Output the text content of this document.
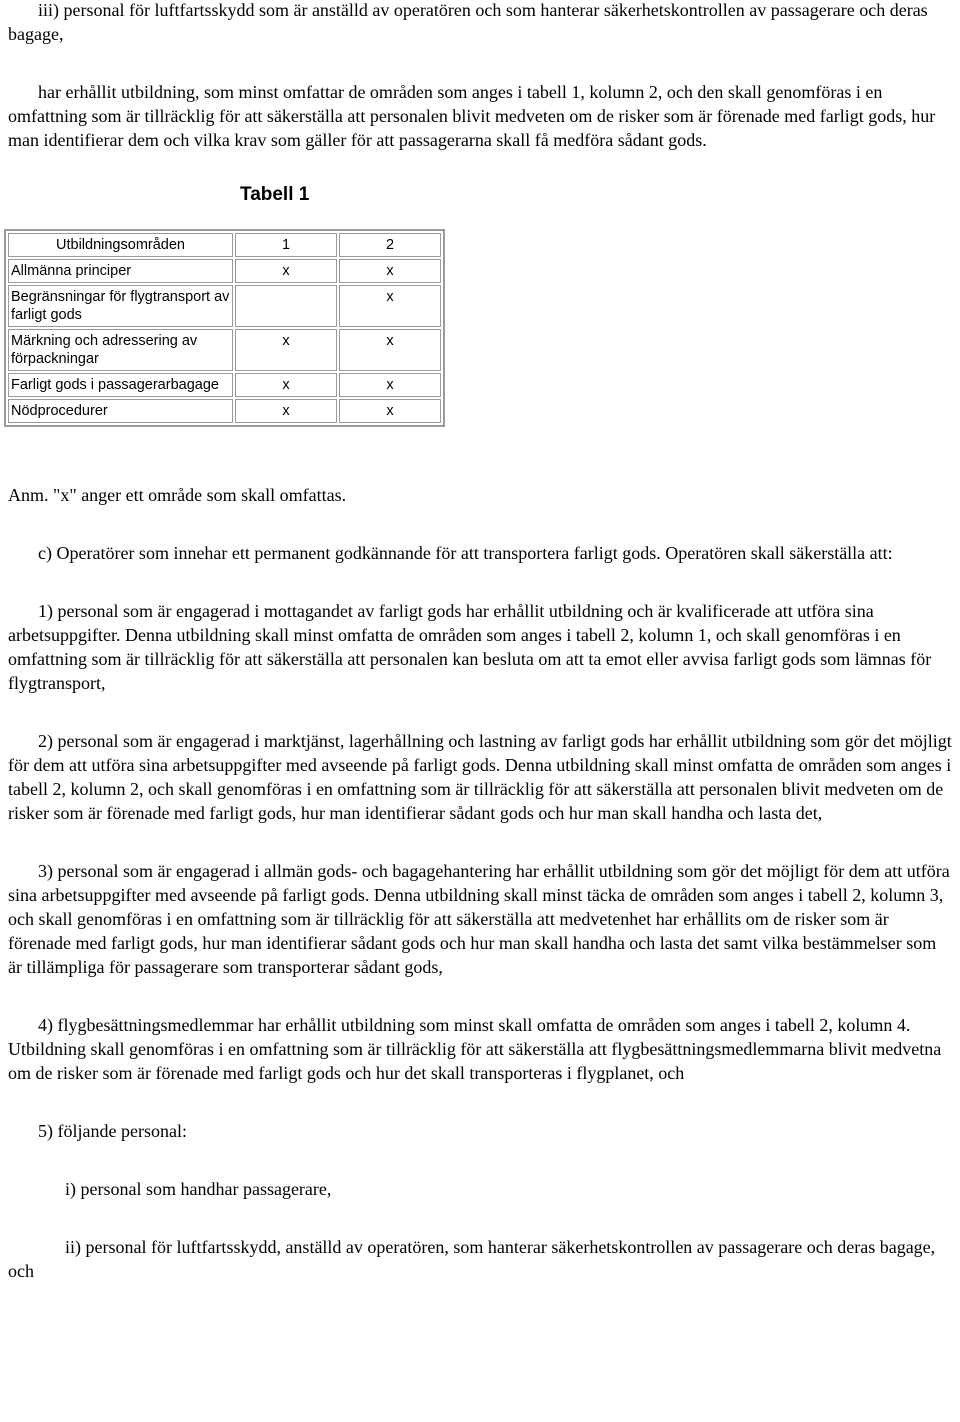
iii) personal för luftfartsskydd som är anställd av operatören och som hanterar säkerhetskontrollen av passagerare och deras bagage,

har erhållit utbildning, som minst omfattar de områden som anges i tabell 1, kolumn 2, och den skall genomföras i en omfattning som är tillräcklig för att säkerställa att personalen blivit medveten om de risker som är förenade med farligt gods, hur man identifierar dem och vilka krav som gäller för att passagerarna skall få medföra sådant gods.

Tabell 1
Utbildningsområden	1	2
Allmänna principer	x	x
Begränsningar för flygtransport av farligt gods		x
Märkning och adressering av förpackningar	x	x
Farligt gods i passagerarbagage	x	x
Nödprocedurer	x	x

Anm. "x" anger ett område som skall omfattas.

c) Operatörer som innehar ett permanent godkännande för att transportera farligt gods. Operatören skall säkerställa att:

1) personal som är engagerad i mottagandet av farligt gods har erhållit utbildning och är kvalificerade att utföra sina arbetsuppgifter. Denna utbildning skall minst omfatta de områden som anges i tabell 2, kolumn 1, och skall genomföras i en omfattning som är tillräcklig för att säkerställa att personalen kan besluta om att ta emot eller avvisa farligt gods som lämnas för flygtransport,

2) personal som är engagerad i marktjänst, lagerhållning och lastning av farligt gods har erhållit utbildning som gör det möjligt för dem att utföra sina arbetsuppgifter med avseende på farligt gods. Denna utbildning skall minst omfatta de områden som anges i tabell 2, kolumn 2, och skall genomföras i en omfattning som är tillräcklig för att säkerställa att personalen blivit medveten om de risker som är förenade med farligt gods, hur man identifierar sådant gods och hur man skall handha och lasta det,

3) personal som är engagerad i allmän gods- och bagagehantering har erhållit utbildning som gör det möjligt för dem att utföra sina arbetsuppgifter med avseende på farligt gods. Denna utbildning skall minst täcka de områden som anges i tabell 2, kolumn 3, och skall genomföras i en omfattning som är tillräcklig för att säkerställa att medvetenhet har erhållits om de risker som är förenade med farligt gods, hur man identifierar sådant gods och hur man skall handha och lasta det samt vilka bestämmelser som är tillämpliga för passagerare som transporterar sådant gods,

4) flygbesättningsmedlemmar har erhållit utbildning som minst skall omfatta de områden som anges i tabell 2, kolumn 4. Utbildning skall genomföras i en omfattning som är tillräcklig för att säkerställa att flygbesättningsmedlemmarna blivit medvetna om de risker som är förenade med farligt gods och hur det skall transporteras i flygplanet, och

5) följande personal:

i) personal som handhar passagerare,

ii) personal för luftfartsskydd, anställd av operatören, som hanterar säkerhetskontrollen av passagerare och deras bagage, och
